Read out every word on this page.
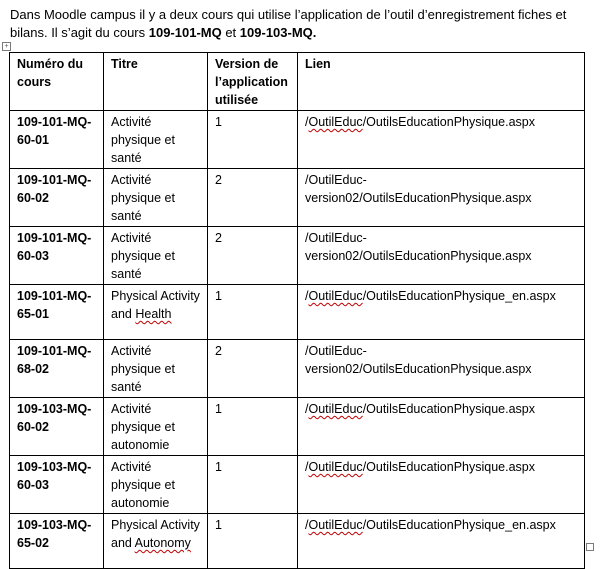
Dans Moodle campus il y a deux cours qui utilise l’application de l’outil d’enregistrement fiches et bilans. Il s’agit du cours 109-101-MQ et 109-103-MQ.

+
Numéro du cours	Titre	Version de l’application utilisée	Lien
109-101-MQ-60-01	Activité physique et santé	1	/OutilEduc/OutilsEducationPhysique.aspx
109-101-MQ-60-02	Activité physique et santé	2	/OutilEduc-version02/OutilsEducationPhysique.aspx
109-101-MQ-60-03	Activité physique et santé	2	/OutilEduc-version02/OutilsEducationPhysique.aspx
109-101-MQ-65-01	Physical Activity and Health	1	/OutilEduc/OutilsEducationPhysique_en.aspx
109-101-MQ-68-02	Activité physique et santé	2	/OutilEduc-version02/OutilsEducationPhysique.aspx
109-103-MQ-60-02	Activité physique et autonomie	1	/OutilEduc/OutilsEducationPhysique.aspx
109-103-MQ-60-03	Activité physique et autonomie	1	/OutilEduc/OutilsEducationPhysique.aspx
109-103-MQ-65-02	Physical Activity and Autonomy	1	/OutilEduc/OutilsEducationPhysique_en.aspx
